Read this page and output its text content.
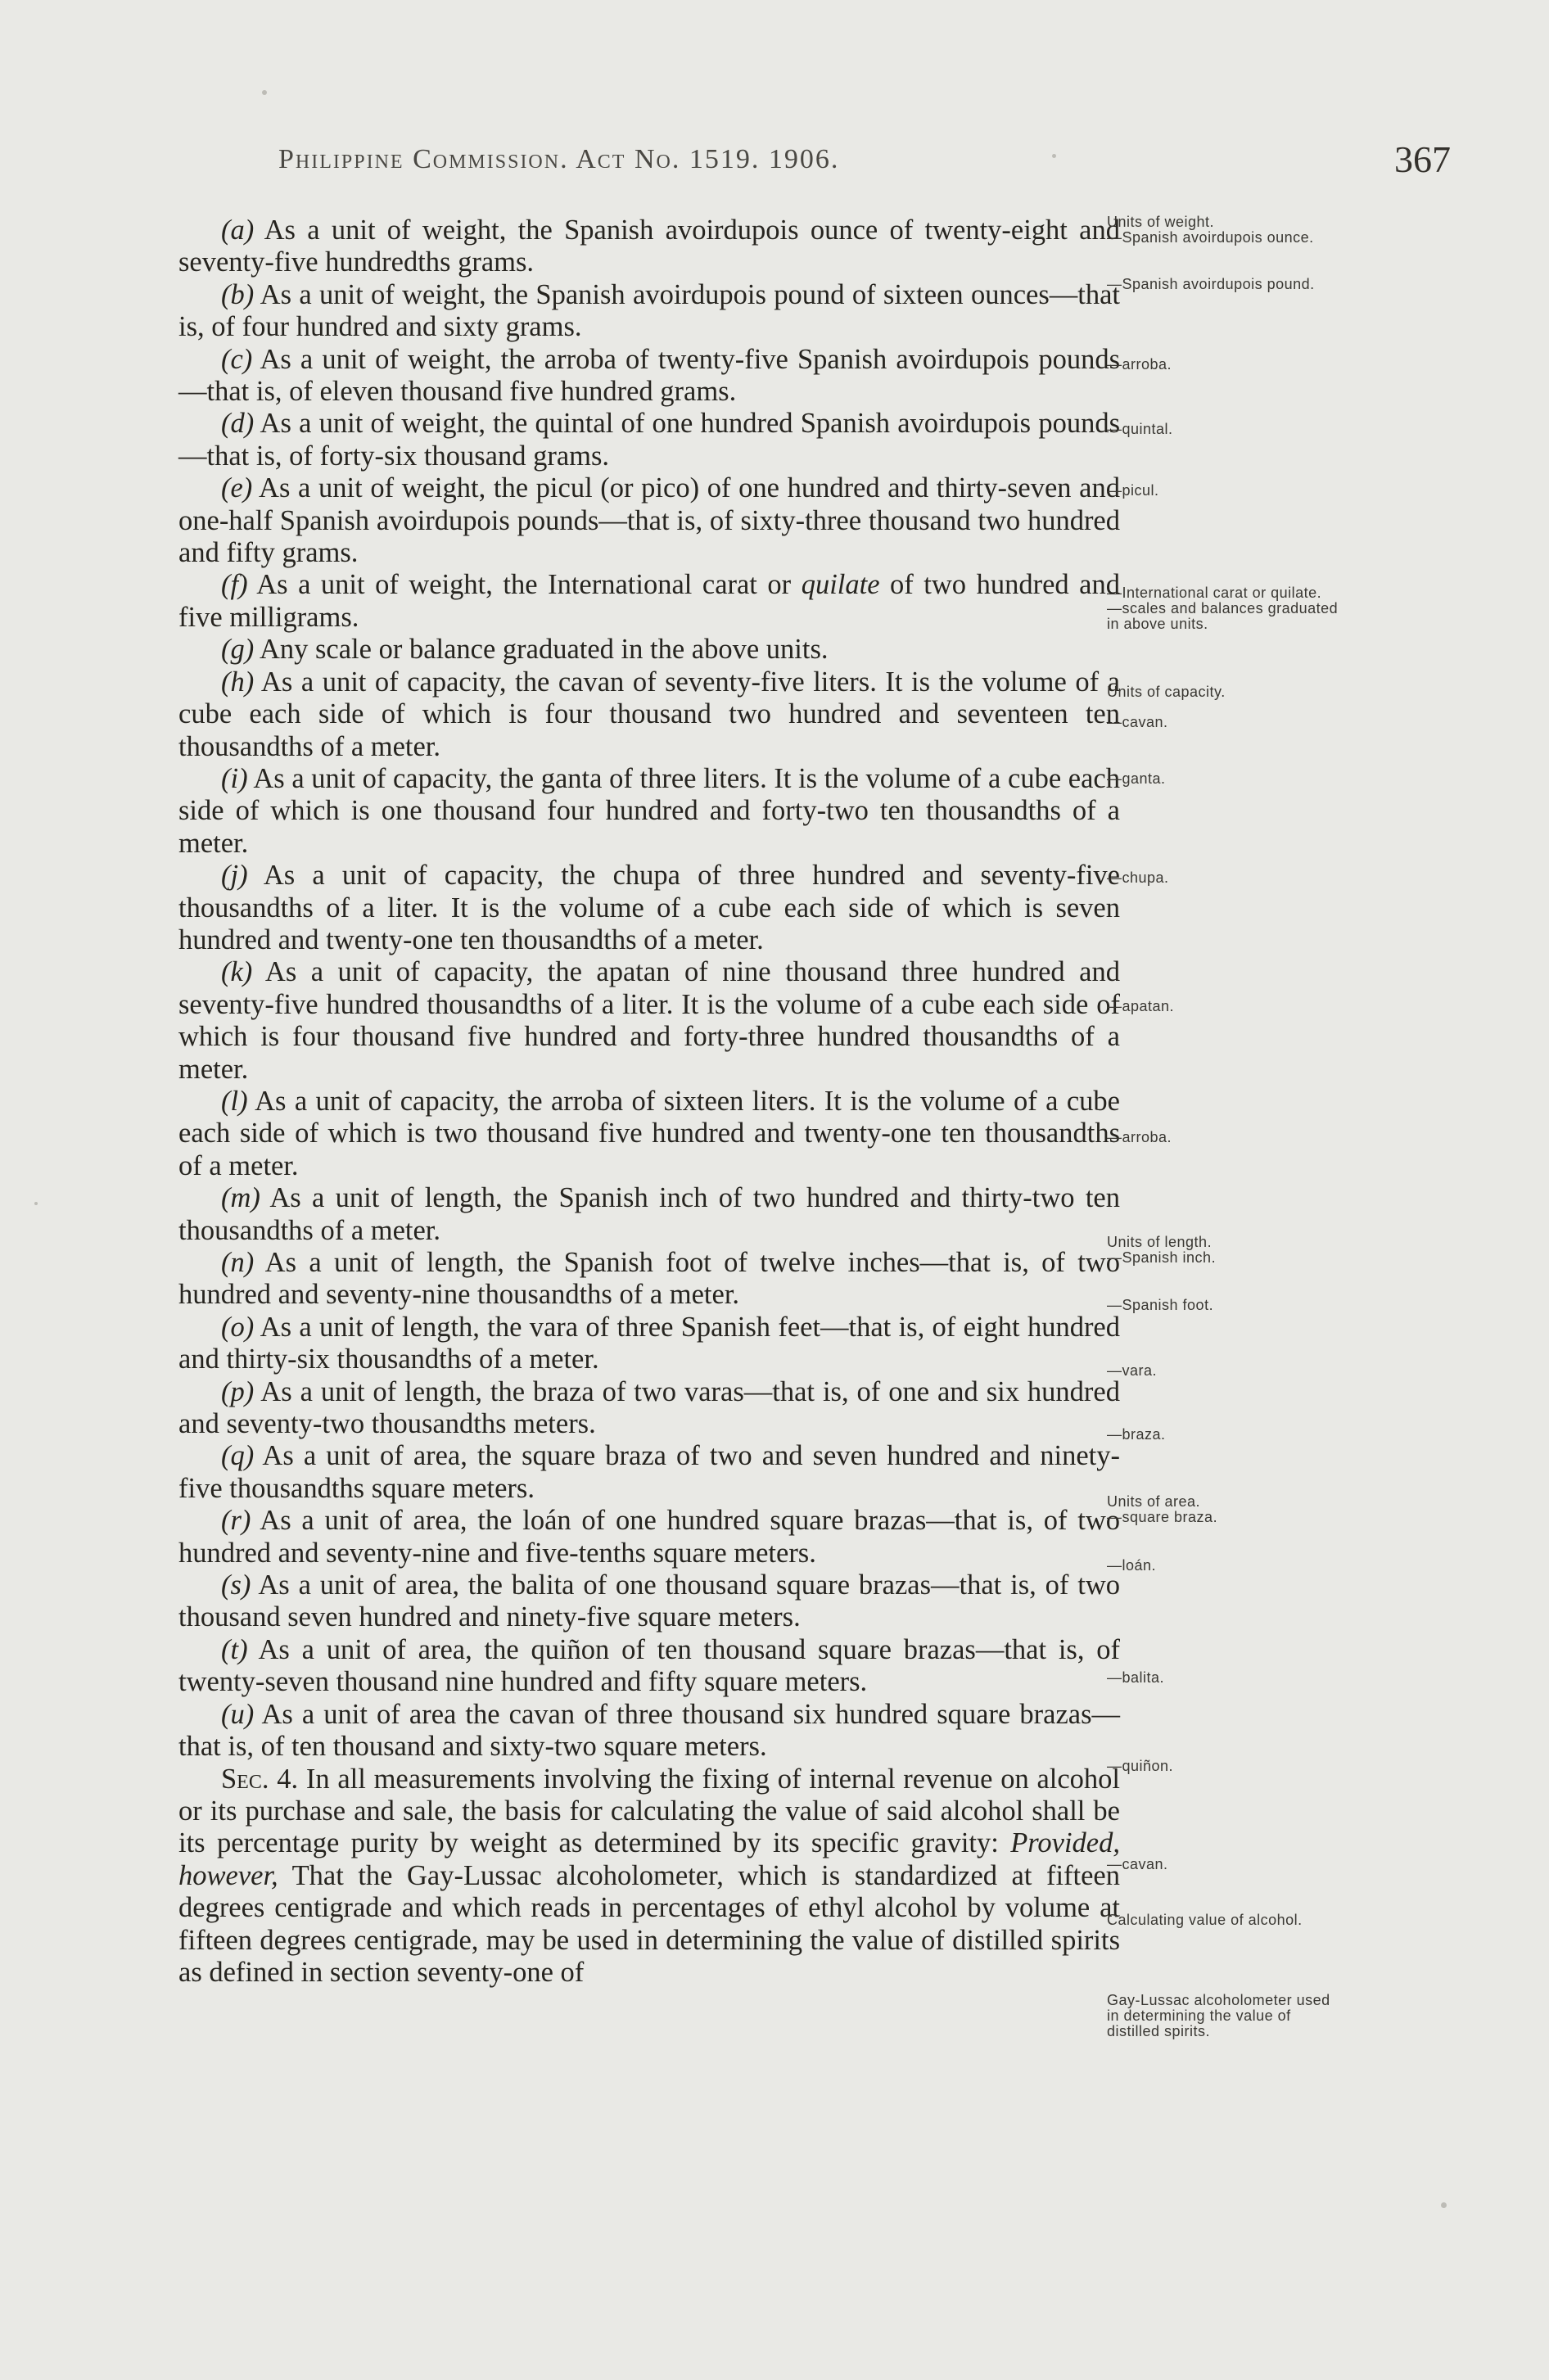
Philippine Commission. Act No. 1519. 1906.	367

(a) As a unit of weight, the Spanish avoirdupois ounce of twenty-eight and seventy-five hundredths grams.

(b) As a unit of weight, the Spanish avoirdupois pound of sixteen ounces—that is, of four hundred and sixty grams.

(c) As a unit of weight, the arroba of twenty-five Spanish avoirdupois pounds—that is, of eleven thousand five hundred grams.

(d) As a unit of weight, the quintal of one hundred Spanish avoirdupois pounds—that is, of forty-six thousand grams.

(e) As a unit of weight, the picul (or pico) of one hundred and thirty-seven and one-half Spanish avoirdupois pounds—that is, of sixty-three thousand two hundred and fifty grams.

(f) As a unit of weight, the International carat or quilate of two hundred and five milligrams.

(g) Any scale or balance graduated in the above units.

(h) As a unit of capacity, the cavan of seventy-five liters. It is the volume of a cube each side of which is four thousand two hundred and seventeen ten thousandths of a meter.

(i) As a unit of capacity, the ganta of three liters. It is the volume of a cube each side of which is one thousand four hundred and forty-two ten thousandths of a meter.

(j) As a unit of capacity, the chupa of three hundred and seventy-five thousandths of a liter. It is the volume of a cube each side of which is seven hundred and twenty-one ten thousandths of a meter.

(k) As a unit of capacity, the apatan of nine thousand three hundred and seventy-five hundred thousandths of a liter. It is the volume of a cube each side of which is four thousand five hundred and forty-three hundred thousandths of a meter.

(l) As a unit of capacity, the arroba of sixteen liters. It is the volume of a cube each side of which is two thousand five hundred and twenty-one ten thousandths of a meter.

(m) As a unit of length, the Spanish inch of two hundred and thirty-two ten thousandths of a meter.

(n) As a unit of length, the Spanish foot of twelve inches—that is, of two hundred and seventy-nine thousandths of a meter.

(o) As a unit of length, the vara of three Spanish feet—that is, of eight hundred and thirty-six thousandths of a meter.

(p) As a unit of length, the braza of two varas—that is, of one and six hundred and seventy-two thousandths meters.

(q) As a unit of area, the square braza of two and seven hundred and ninety-five thousandths square meters.

(r) As a unit of area, the loán of one hundred square brazas—that is, of two hundred and seventy-nine and five-tenths square meters.

(s) As a unit of area, the balita of one thousand square brazas—that is, of two thousand seven hundred and ninety-five square meters.

(t) As a unit of area, the quiñon of ten thousand square brazas—that is, of twenty-seven thousand nine hundred and fifty square meters.

(u) As a unit of area the cavan of three thousand six hundred square brazas—that is, of ten thousand and sixty-two square meters.

Sec. 4. In all measurements involving the fixing of internal revenue on alcohol or its purchase and sale, the basis for calculating the value of said alcohol shall be its percentage purity by weight as determined by its specific gravity: Provided, however, That the Gay-Lussac alcoholometer, which is standardized at fifteen degrees centigrade and which reads in percentages of ethyl alcohol by volume at fifteen degrees centigrade, may be used in determining the value of distilled spirits as defined in section seventy-one of

Units of weight.
—Spanish avoirdupois ounce.
—Spanish avoirdupois pound.
—arroba.
—quintal.
—picul.
—International carat or quilate.
—scales and balances graduated in above units.
Units of capacity.
—cavan.
—ganta.
—chupa.
—apatan.
—arroba.
Units of length.
—Spanish inch.
—Spanish foot.
—vara.
—braza.
Units of area.
—square braza.
—loán.
—balita.
—quiñon.
—cavan.
Calculating value of alcohol.
Gay-Lussac alcoholometer used in determining the value of distilled spirits.
